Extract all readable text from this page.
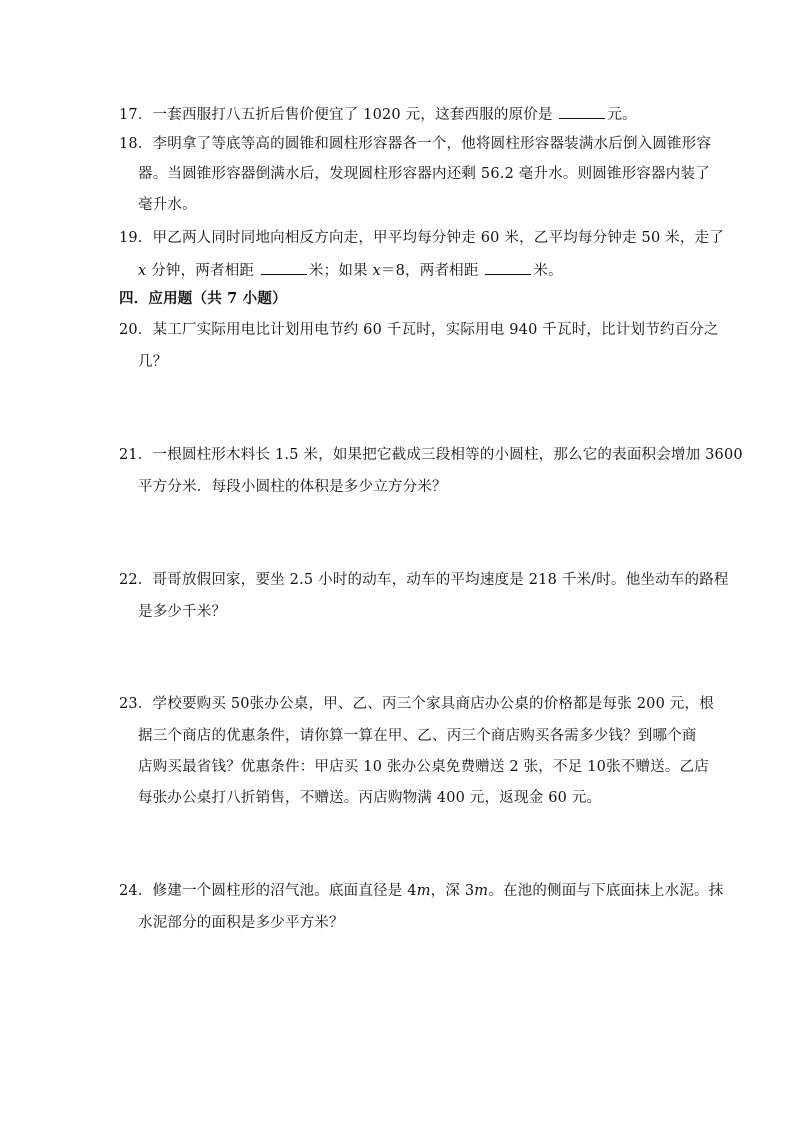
17．一套西服打八五折后售价便宜了 1020 元，这套西服的原价是	元。
18．李明拿了等底等高的圆锥和圆柱形容器各一个，他将圆柱形容器装满水后倒入圆锥形容
器。当圆锥形容器倒满水后，发现圆柱形容器内还剩 56.2 毫升水。则圆锥形容器内装了
毫升水。
19．甲乙两人同时同地向相反方向走，甲平均每分钟走 60 米，乙平均每分钟走 50 米，走了
x 分钟，两者相距	米；如果 x＝8，两者相距	米。
四．应用题（共 7 小题）
20．某工厂实际用电比计划用电节约 60 千瓦时，实际用电 940 千瓦时，比计划节约百分之
几？
21．一根圆柱形木料长 1.5 米，如果把它截成三段相等的小圆柱，那么它的表面积会增加 3600
平方分米．每段小圆柱的体积是多少立方分米？
22．哥哥放假回家，要坐 2.5 小时的动车，动车的平均速度是 218 千米/时。他坐动车的路程
是多少千米？
23．学校要购买 50张办公桌，甲、乙、丙三个家具商店办公桌的价格都是每张 200 元，根
据三个商店的优惠条件，请你算一算在甲、乙、丙三个商店购买各需多少钱？到哪个商
店购买最省钱？优惠条件：甲店买 10 张办公桌免费赠送 2 张，不足 10张不赠送。乙店
每张办公桌打八折销售，不赠送。丙店购物满 400 元，返现金 60 元。
24．修建一个圆柱形的沼气池。底面直径是 4m，深 3m。在池的侧面与下底面抹上水泥。抹
水泥部分的面积是多少平方米？
